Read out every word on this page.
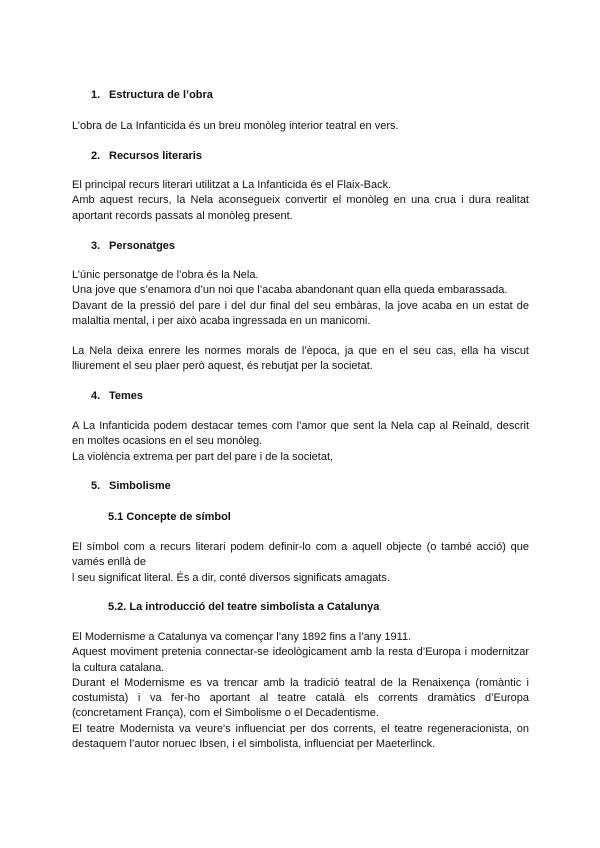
1. Estructura de l’obra

L’obra de La Infanticida és un breu monòleg interior teatral en vers.

2. Recursos literaris

El principal recurs literari utilitzat a La Infanticida és el Flaix-Back.
Amb aquest recurs, la Nela aconsegueix convertir el monòleg en una crua i dura realitat
aportant records passats al monòleg present.

3. Personatges

L’únic personatge de l’obra és la Nela.
Una jove que s’enamora d’un noi que l’acaba abandonant quan ella queda embarassada.
Davant de la pressió del pare i del dur final del seu embàras, la jove acaba en un estat de
malaltia mental, i per això acaba ingressada en un manicomi.

La Nela deixa enrere les normes morals de l’època, ja que en el seu cas, ella ha viscut
lliurement el seu plaer però aquest, és rebutjat per la societat.

4. Temes

A La Infanticida podem destacar temes com l’amor que sent la Nela cap al Reinald, descrit
en moltes ocasions en el seu monòleg.
La violència extrema per part del pare i de la societat,

5. Simbolisme
5.1 Concepte de símbol

El símbol com a recurs literari podem definir-lo com a aquell objecte (o també acció) que
vamés enllà de
l seu significat literal. És a dir, conté diversos significats amagats.

5.2. La introducció del teatre simbolista a Catalunya

El Modernisme a Catalunya va començar l’any 1892 fins a l’any 1911.
Aquest moviment pretenia connectar-se ideològicament amb la resta d’Europa i modernitzar
la cultura catalana.
Durant el Modernisme es va trencar amb la tradició teatral de la Renaixença (romàntic i
costumista) i va fer-ho aportant al teatre català els corrents dramàtics d’Europa
(concretament França), com el Simbolisme o el Decadentisme.
El teatre Modernista va veure's influenciat per dos corrents, el teatre regeneracionista, on
destaquem l’autor noruec Ibsen, i el simbolista, influenciat per Maeterlinck.
